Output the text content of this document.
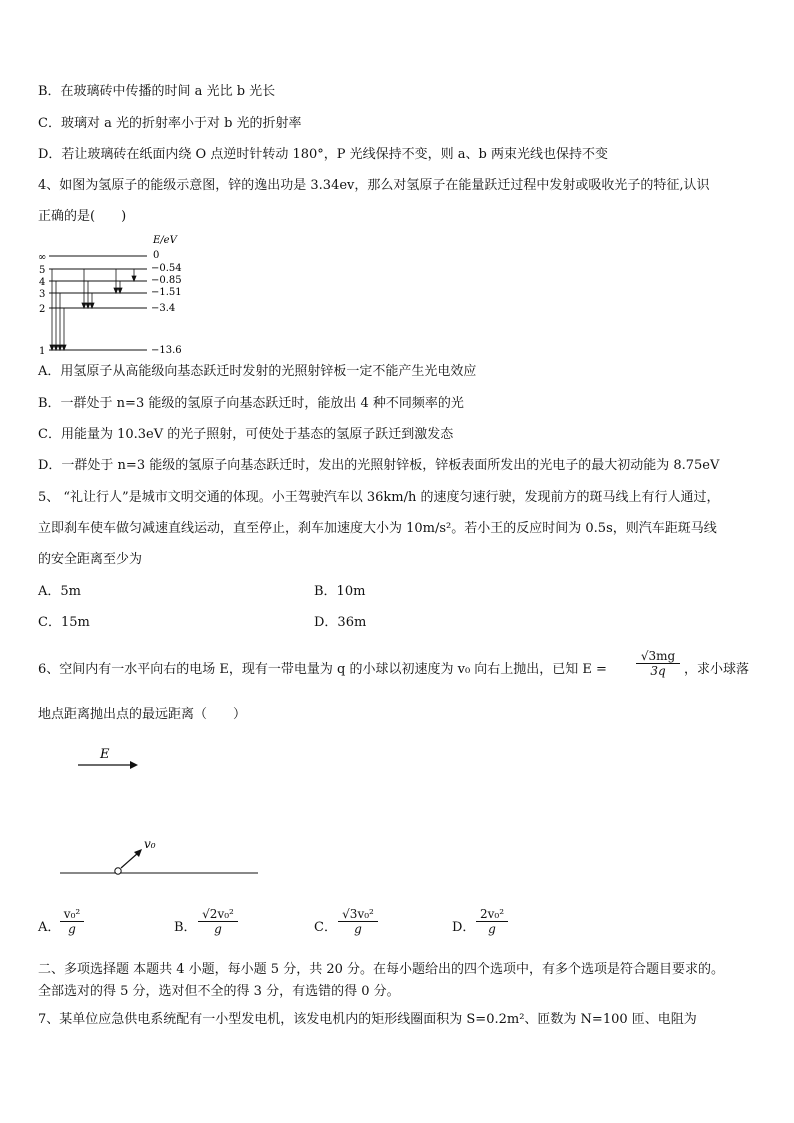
B．在玻璃砖中传播的时间 a 光比 b 光长
C．玻璃对 a 光的折射率小于对 b 光的折射率
D．若让玻璃砖在纸面内绕 O 点逆时针转动 180°，P 光线保持不变，则 a、b 两束光线也保持不变
4、如图为氢原子的能级示意图，锌的逸出功是 3.34ev，那么对氢原子在能量跃迁过程中发射或吸收光子的特征,认识
正确的是(　　)
E/eV
∞
5
4
3
2
1
0
−0.54
−0.85
−1.51
−3.4
−13.6
A．用氢原子从高能级向基态跃迁时发射的光照射锌板一定不能产生光电效应
B．一群处于 n=3 能级的氢原子向基态跃迁时，能放出 4 种不同频率的光
C．用能量为 10.3eV 的光子照射，可使处于基态的氢原子跃迁到激发态
D．一群处于 n=3 能级的氢原子向基态跃迁时，发出的光照射锌板，锌板表面所发出的光电子的最大初动能为 8.75eV
5、 “礼让行人”是城市文明交通的体现。小王驾驶汽车以 36km/h 的速度匀速行驶，发现前方的斑马线上有行人通过，
立即刹车使车做匀减速直线运动，直至停止，刹车加速度大小为 10m/s²。若小王的反应时间为 0.5s，则汽车距斑马线
的安全距离至少为
A．5m	B．10m
C．15m	D．36m
6、空间内有一水平向右的电场 E，现有一带电量为 q 的小球以初速度为 v₀ 向右上抛出，已知 $E = \frac{√3mg}{3q}$ ，求小球落
地点距离抛出点的最远距离（　　）
E
v₀
A． $\frac{\text{v₀²}}{g}$	B． $\frac{\text{√2v₀²}}{g}$	C． $\frac{\text{√3v₀²}}{g}$	D． $\frac{\text{2v₀²}}{g}$
二、多项选择题 本题共 4 小题，每小题 5 分，共 20 分。在每小题给出的四个选项中，有多个选项是符合题目要求的。
全部选对的得 5 分，选对但不全的得 3 分，有选错的得 0 分。
7、某单位应急供电系统配有一小型发电机，该发电机内的矩形线圈面积为 S=0.2m²、匝数为 N=100 匝、电阻为
